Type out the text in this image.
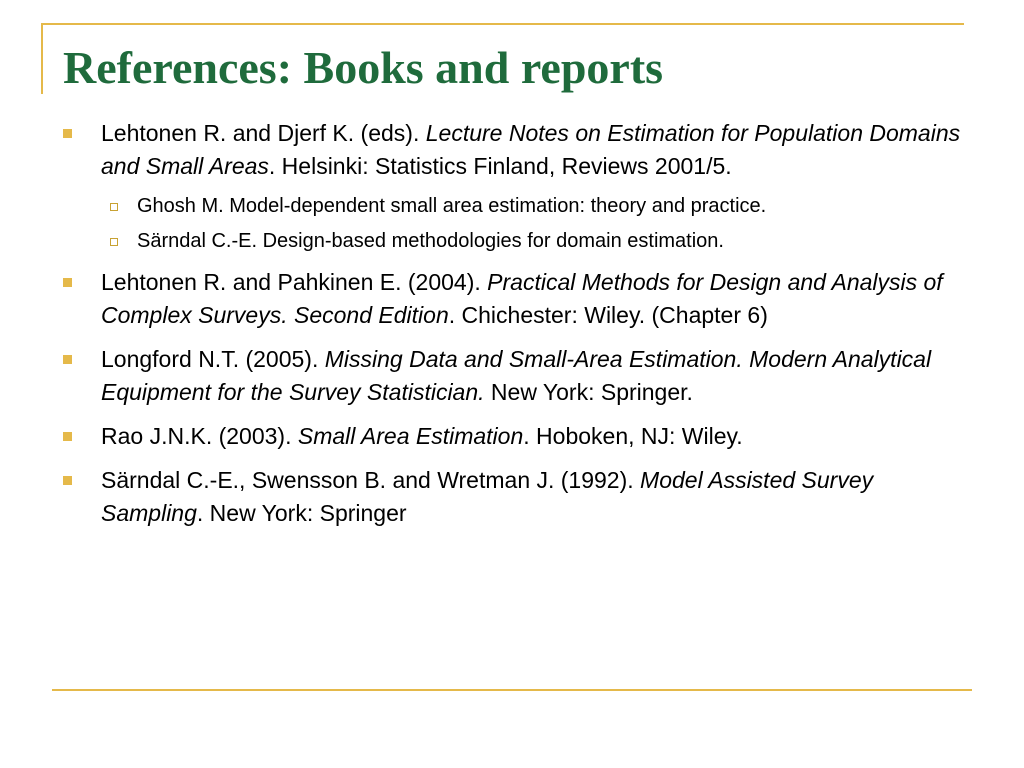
References: Books and reports
Lehtonen R. and Djerf K. (eds). Lecture Notes on Estimation for Population Domains and Small Areas. Helsinki: Statistics Finland, Reviews 2001/5.
Ghosh M. Model-dependent small area estimation: theory and practice.
Särndal C.-E. Design-based methodologies for domain estimation.
Lehtonen R. and Pahkinen E. (2004). Practical Methods for Design and Analysis of Complex Surveys. Second Edition. Chichester: Wiley. (Chapter 6)
Longford N.T. (2005). Missing Data and Small-Area Estimation. Modern Analytical Equipment for the Survey Statistician. New York: Springer.
Rao J.N.K. (2003). Small Area Estimation. Hoboken, NJ: Wiley.
Särndal C.-E., Swensson B. and Wretman J. (1992). Model Assisted Survey Sampling. New York: Springer
